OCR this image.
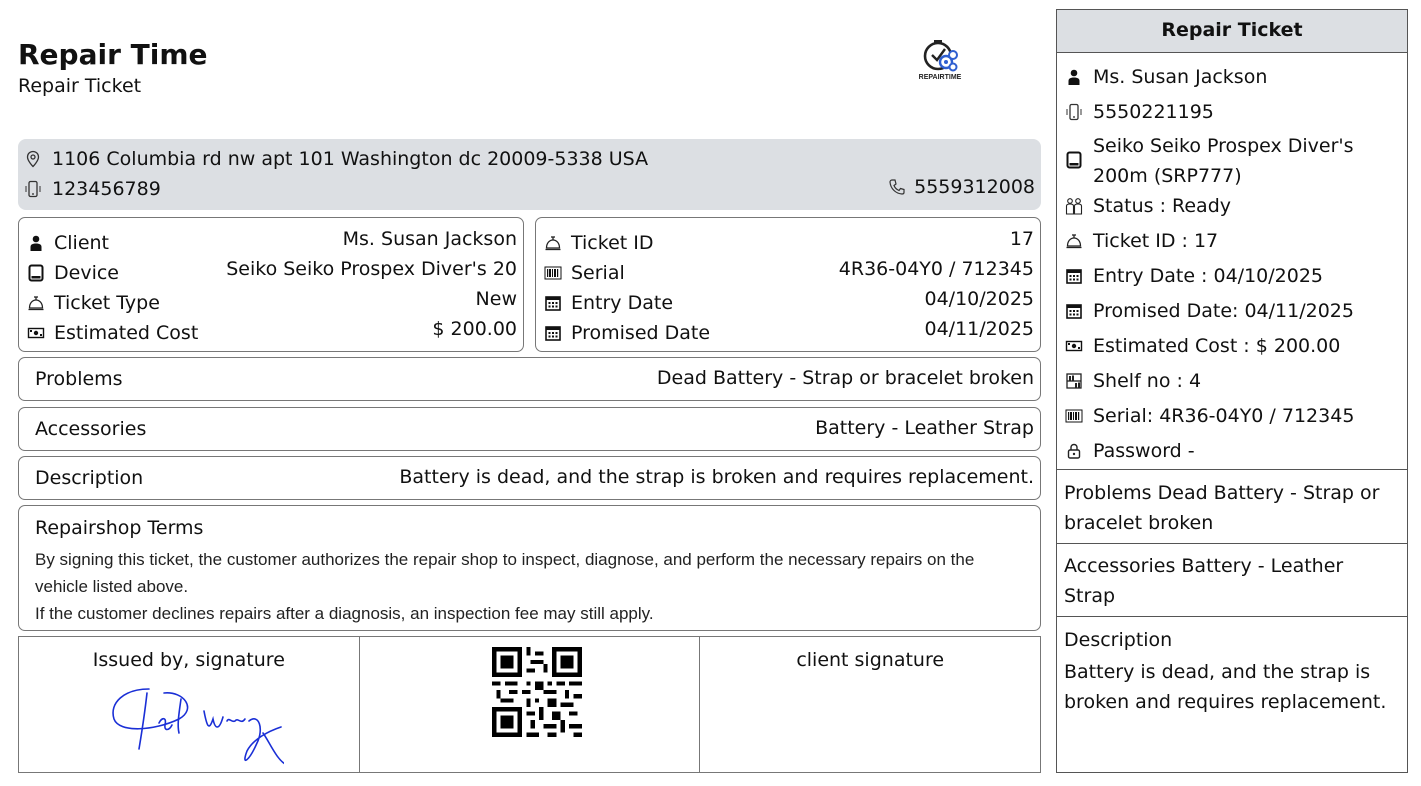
Repair Time
Repair Ticket	REPAIRTIME
1106 Columbia rd nw apt 101 Washington dc 20009-5338 USA
123456789	5559312008
Client	Ms. Susan Jackson
Device	Seiko Seiko Prospex Diver's 20
Ticket Type	New
Estimated Cost	$ 200.00
Ticket ID	17
Serial	4R36-04Y0 / 712345
Entry Date	04/10/2025
Promised Date	04/11/2025
Problems	Dead Battery - Strap or bracelet broken
Accessories	Battery - Leather Strap
Description	Battery is dead, and the strap is broken and requires replacement.
Repairshop Terms
By signing this ticket, the customer authorizes the repair shop to inspect, diagnose, and perform the necessary repairs on the vehicle listed above.
If the customer declines repairs after a diagnosis, an inspection fee may still apply.
Issued by, signature	client signature
Repair Ticket
Ms. Susan Jackson
5550221195
Seiko Seiko Prospex Diver's 200m (SRP777)
Status : Ready
Ticket ID : 17
Entry Date : 04/10/2025
Promised Date: 04/11/2025
Estimated Cost : $ 200.00
Shelf no : 4
Serial: 4R36-04Y0 / 712345
Password -
Problems Dead Battery - Strap or bracelet broken
Accessories Battery - Leather Strap
Description
Battery is dead, and the strap is broken and requires replacement.
